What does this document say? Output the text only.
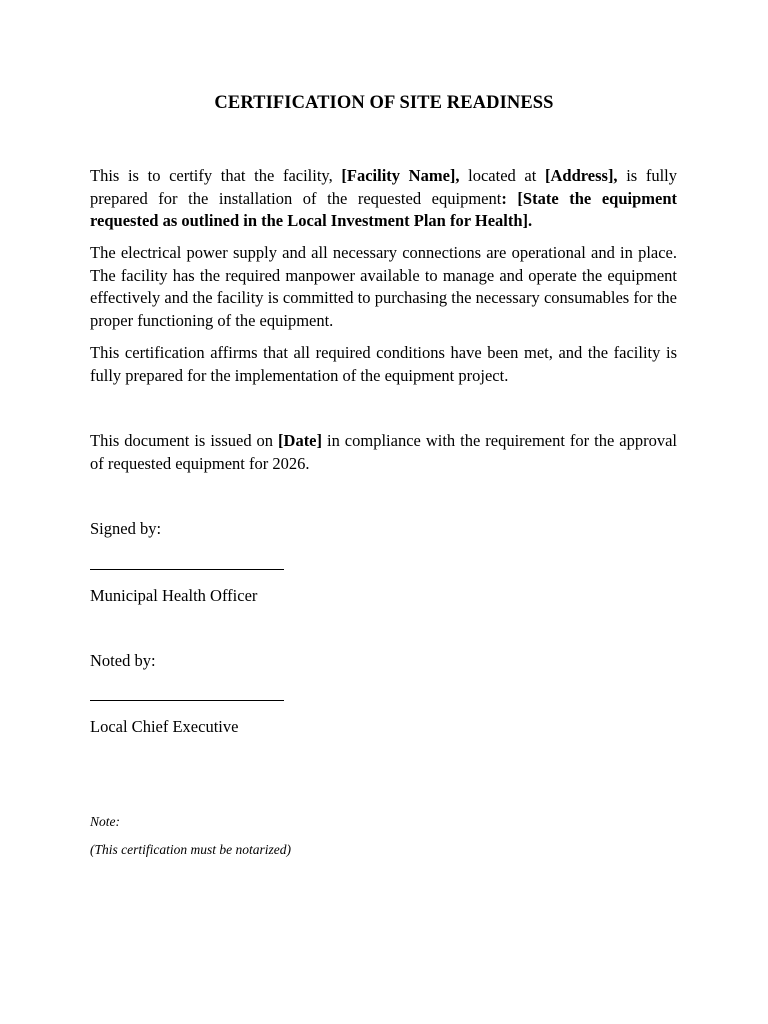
CERTIFICATION OF SITE READINESS
This is to certify that the facility, [Facility Name], located at [Address], is fully prepared for the installation of the requested equipment: [State the equipment requested as outlined in the Local Investment Plan for Health].
The electrical power supply and all necessary connections are operational and in place. The facility has the required manpower available to manage and operate the equipment effectively and the facility is committed to purchasing the necessary consumables for the proper functioning of the equipment.
This certification affirms that all required conditions have been met, and the facility is fully prepared for the implementation of the equipment project.
This document is issued on [Date] in compliance with the requirement for the approval of requested equipment for 2026.
Signed by:
Municipal Health Officer
Noted by:
Local Chief Executive
Note:
(This certification must be notarized)
